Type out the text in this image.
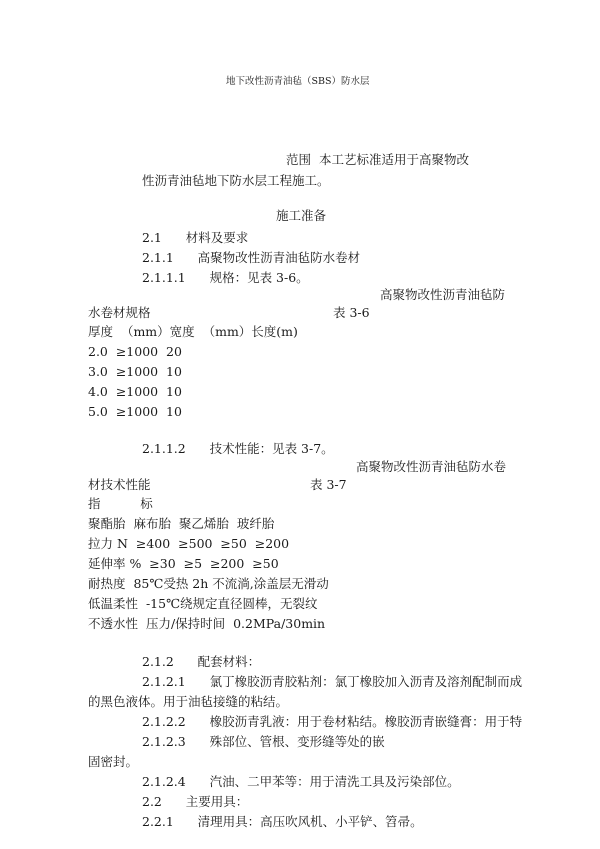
地下改性沥青油毡（SBS）防水层
范围  本工艺标准适用于高聚物改
性沥青油毡地下防水层工程施工。
施工准备
2.1      材料及要求
2.1.1      高聚物改性沥青油毡防水卷材
2.1.1.1      规格：见表 3-6。
高聚物改性沥青油毡防
水卷材规格	表 3-6
厚度  （mm）宽度  （mm）长度(m)
2.0  ≥1000  20
3.0  ≥1000  10
4.0  ≥1000  10
5.0  ≥1000  10
2.1.1.2      技术性能：见表 3-7。
高聚物改性沥青油毡防水卷
材技术性能	表 3-7
指          标
聚酯胎  麻布胎  聚乙烯胎  玻纤胎
拉力 N  ≥400  ≥500  ≥50  ≥200
延伸率 %  ≥30  ≥5  ≥200  ≥50
耐热度  85℃受热 2h 不流淌,涂盖层无滑动
低温柔性  -15℃绕规定直径圆棒，无裂纹
不透水性  压力/保持时间  0.2MPa/30min
2.1.2      配套材料：
2.1.2.1      氯丁橡胶沥青胶粘剂：氯丁橡胶加入沥青及溶剂配制而成
的黑色液体。用于油毡接缝的粘结。
2.1.2.2      橡胶沥青乳液：用于卷材粘结。橡胶沥青嵌缝膏：用于特
2.1.2.3      殊部位、管根、变形缝等处的嵌
固密封。
2.1.2.4      汽油、二甲苯等：用于清洗工具及污染部位。
2.2      主要用具：
2.2.1      清理用具：高压吹风机、小平铲、笤帚。
